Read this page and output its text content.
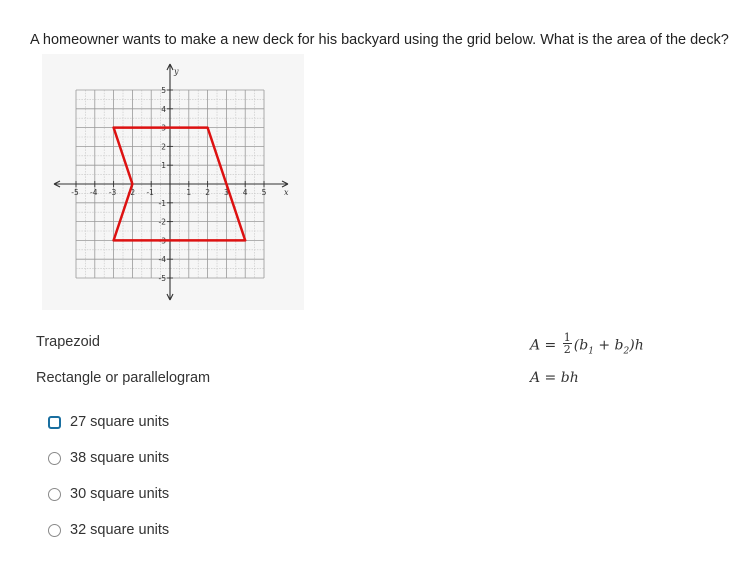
A homeowner wants to make a new deck for his backyard using the grid below. What is the area of the deck?
-5 -4 -3 -2 -1	1 2 3 4 5
5
4
3
2
1
-1
-2
-3
-4
-5
x
y
Trapezoid	$A = \frac{1}{2} (b_1 + b_2)h$
Rectangle or parallelogram	A = bh
27 square units
38 square units
30 square units
32 square units
